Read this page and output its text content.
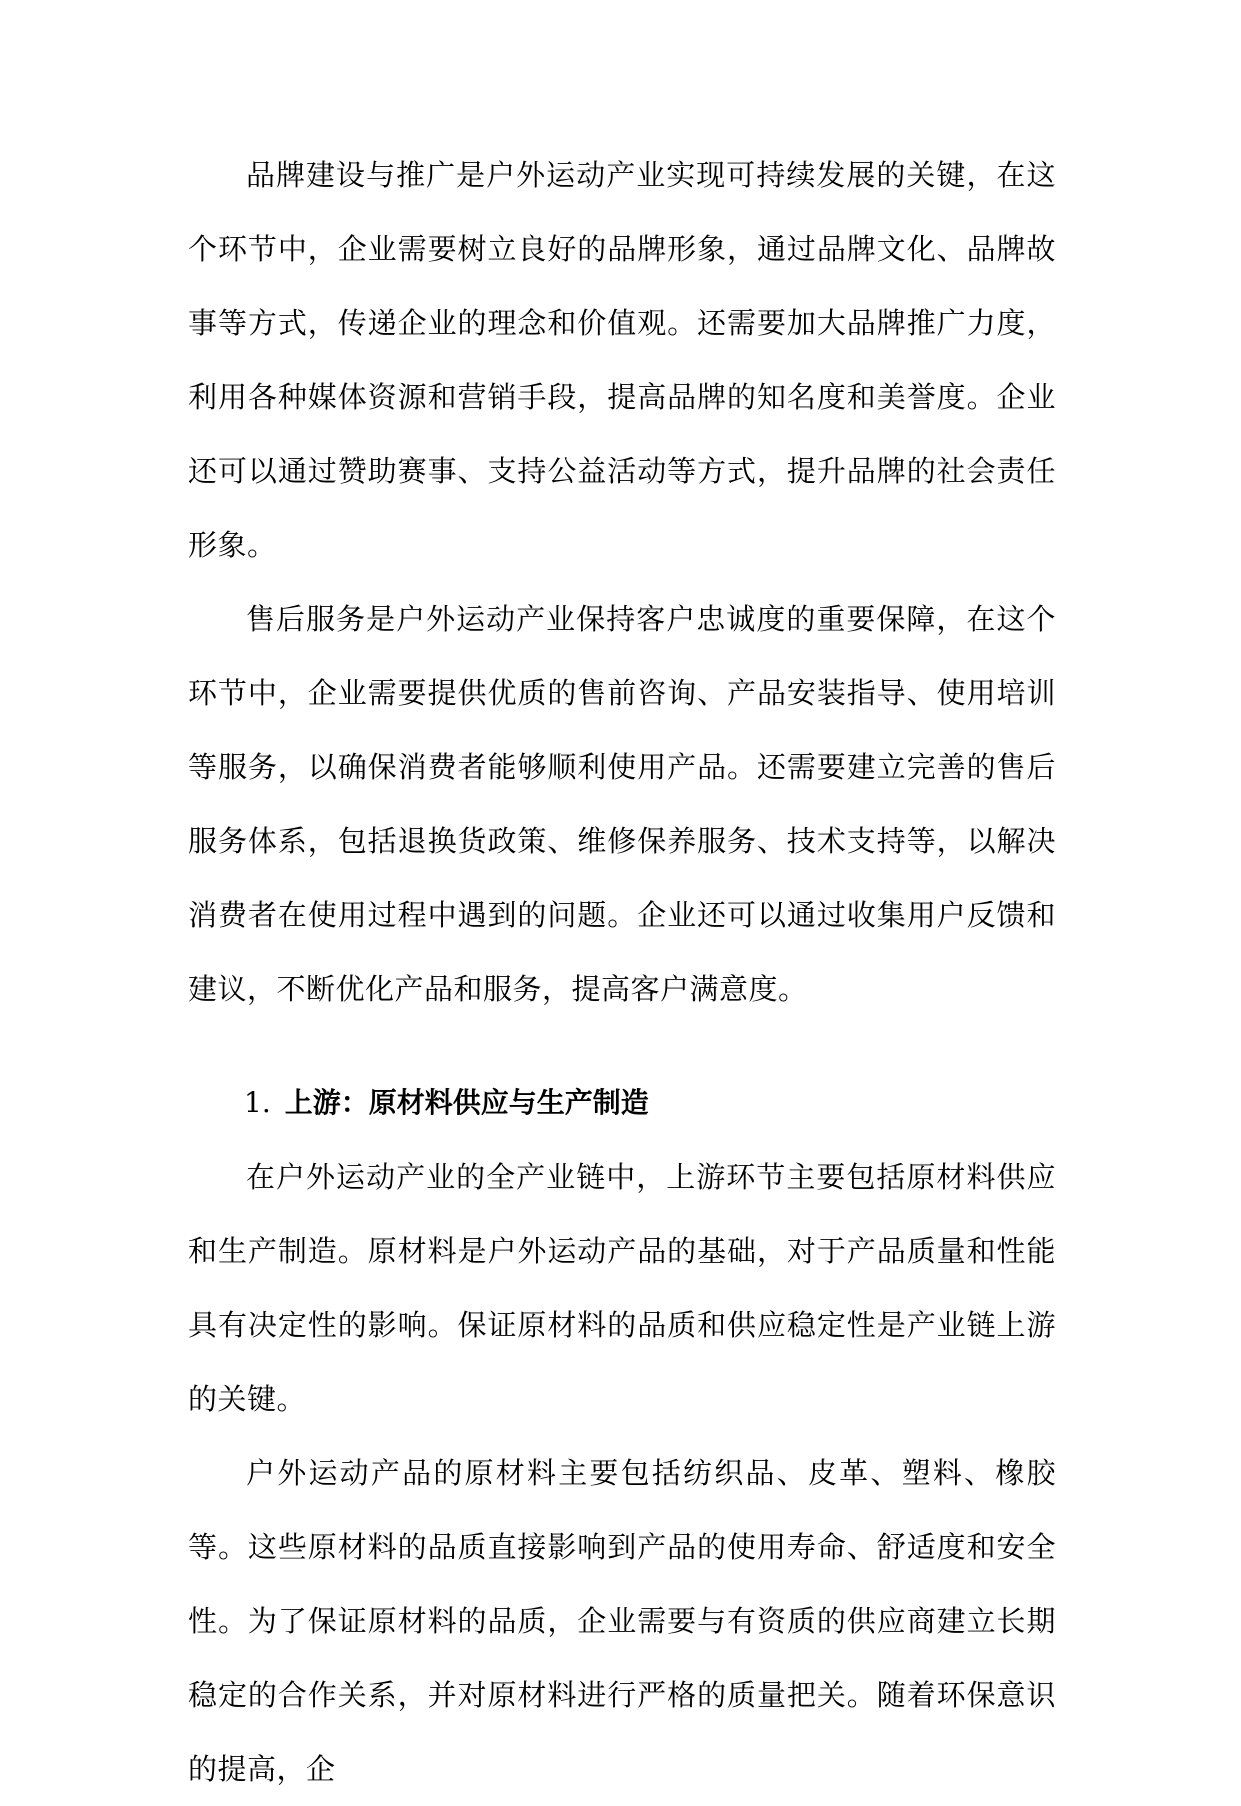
品牌建设与推广是户外运动产业实现可持续发展的关键，在这个环节中，企业需要树立良好的品牌形象，通过品牌文化、品牌故事等方式，传递企业的理念和价值观。还需要加大品牌推广力度，利用各种媒体资源和营销手段，提高品牌的知名度和美誉度。企业还可以通过赞助赛事、支持公益活动等方式，提升品牌的社会责任形象。

售后服务是户外运动产业保持客户忠诚度的重要保障，在这个环节中，企业需要提供优质的售前咨询、产品安装指导、使用培训等服务，以确保消费者能够顺利使用产品。还需要建立完善的售后服务体系，包括退换货政策、维修保养服务、技术支持等，以解决消费者在使用过程中遇到的问题。企业还可以通过收集用户反馈和建议，不断优化产品和服务，提高客户满意度。

1. 上游：原材料供应与生产制造

在户外运动产业的全产业链中，上游环节主要包括原材料供应和生产制造。原材料是户外运动产品的基础，对于产品质量和性能具有决定性的影响。保证原材料的品质和供应稳定性是产业链上游的关键。

户外运动产品的原材料主要包括纺织品、皮革、塑料、橡胶等。这些原材料的品质直接影响到产品的使用寿命、舒适度和安全性。为了保证原材料的品质，企业需要与有资质的供应商建立长期稳定的合作关系，并对原材料进行严格的质量把关。随着环保意识的提高，企
